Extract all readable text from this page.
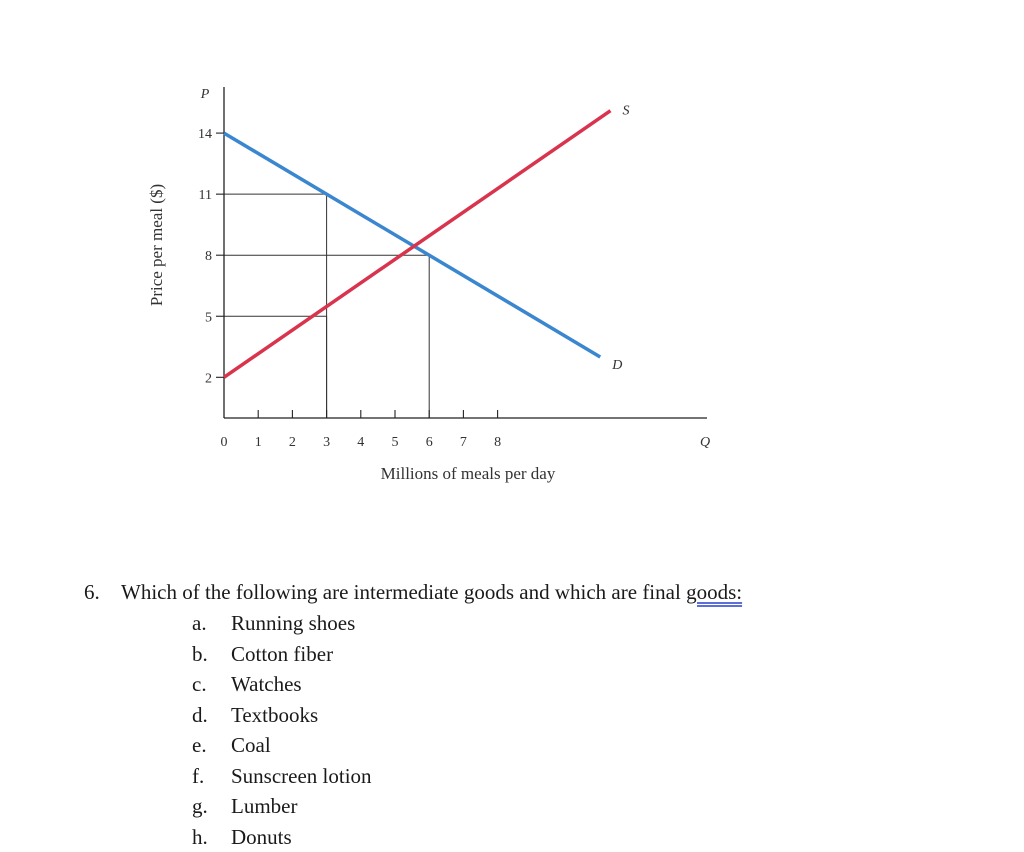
2
5
8
11
14
0 1 2 3 4 5 6 7 8
D
S
P
Q
Millions of meals per day
Price per meal ($)
6. Which of the following are intermediate goods and which are final goods:
a. Running shoes
b. Cotton fiber
c. Watches
d. Textbooks
e. Coal
f. Sunscreen lotion
g. Lumber
h. Donuts
